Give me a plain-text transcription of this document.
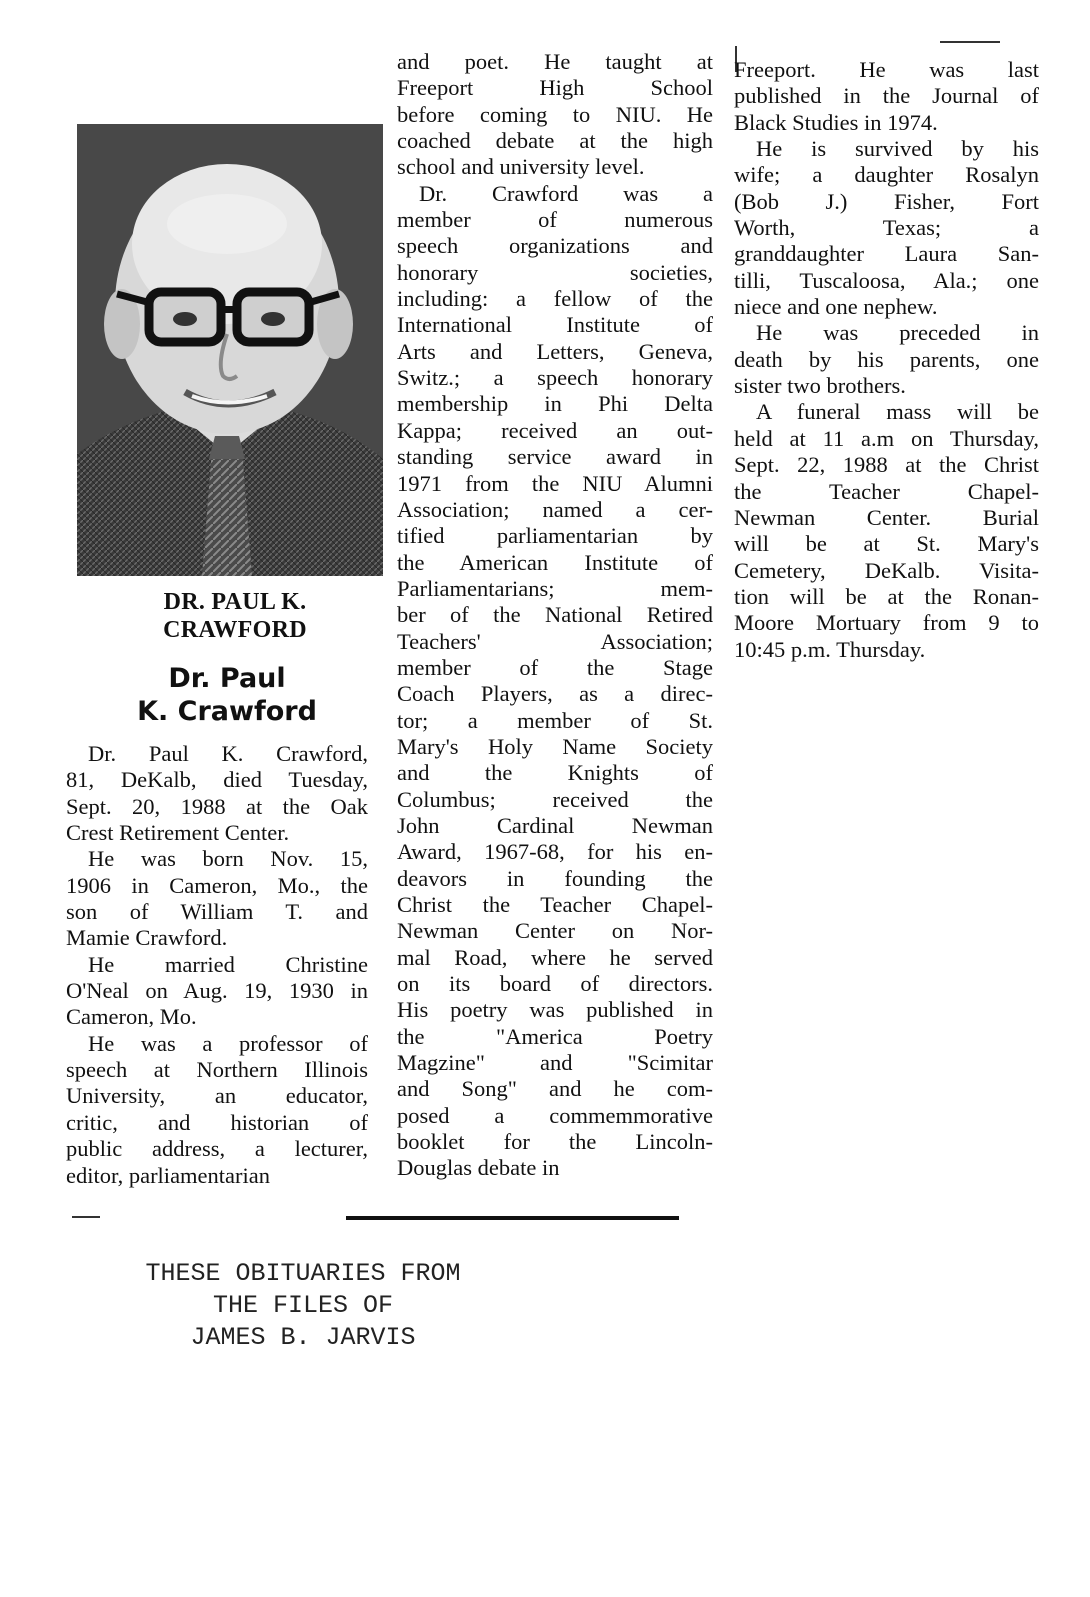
DR. PAUL K.
CRAWFORD
Dr. Paul
K. Crawford
Dr. Paul K. Crawford,
81, DeKalb, died Tuesday,
Sept. 20, 1988 at the Oak
Crest Retirement Center.
He was born Nov. 15,
1906 in Cameron, Mo., the
son of William T. and
Mamie Crawford.
He married Christine
O'Neal on Aug. 19, 1930 in
Cameron, Mo.
He was a professor of
speech at Northern Illinois
University, an educator,
critic, and historian of
public address, a lecturer,
editor, parliamentarian
and poet. He taught at
Freeport High School
before coming to NIU. He
coached debate at the high
school and university level.
Dr. Crawford was a
member of numerous
speech organizations and
honorary societies,
including: a fellow of the
International Institute of
Arts and Letters, Geneva,
Switz.; a speech honorary
membership in Phi Delta
Kappa; received an out-
standing service award in
1971 from the NIU Alumni
Association; named a cer-
tified parliamentarian by
the American Institute of
Parliamentarians; mem-
ber of the National Retired
Teachers' Association;
member of the Stage
Coach Players, as a direc-
tor; a member of St.
Mary's Holy Name Society
and the Knights of
Columbus; received the
John Cardinal Newman
Award, 1967-68, for his en-
deavors in founding the
Christ the Teacher Chapel-
Newman Center on Nor-
mal Road, where he served
on its board of directors.
His poetry was published in
the "America Poetry
Magzine" and "Scimitar
and Song" and he com-
posed a commemmorative
booklet for the Lincoln-
Douglas debate in
Freeport. He was last
published in the Journal of
Black Studies in 1974.
He is survived by his
wife; a daughter Rosalyn
(Bob J.) Fisher, Fort
Worth, Texas; a
granddaughter Laura San-
tilli, Tuscaloosa, Ala.; one
niece and one nephew.
He was preceded in
death by his parents, one
sister two brothers.
A funeral mass will be
held at 11 a.m on Thursday,
Sept. 22, 1988 at the Christ
the Teacher Chapel-
Newman Center. Burial
will be at St. Mary's
Cemetery, DeKalb. Visita-
tion will be at the Ronan-
Moore Mortuary from 9 to
10:45 p.m. Thursday.
THESE OBITUARIES FROM
THE FILES OF
JAMES B. JARVIS
